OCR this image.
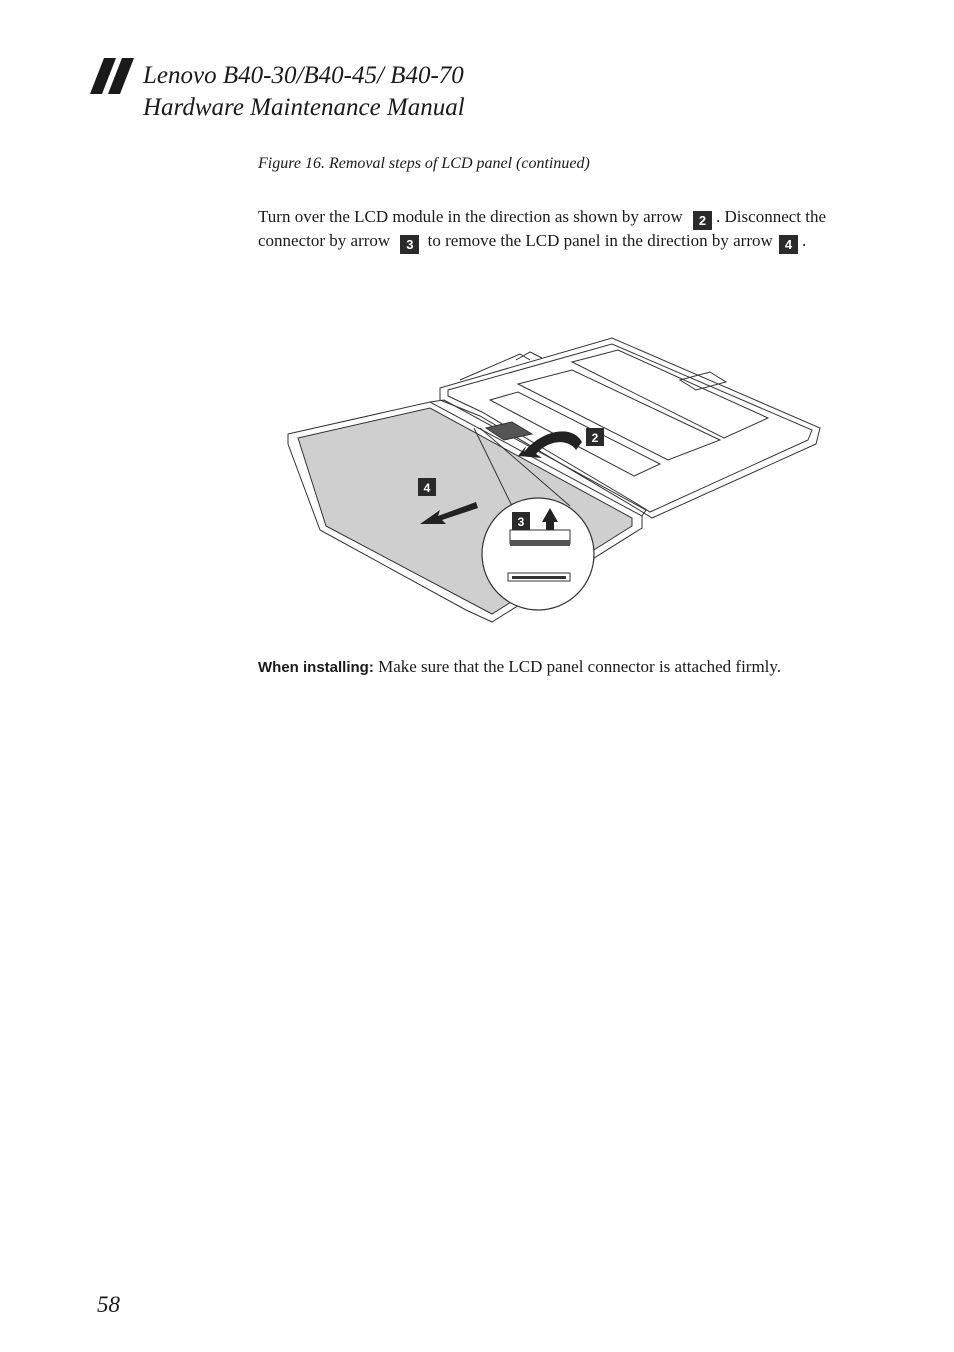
Lenovo B40-30/B40-45/ B40-70
Hardware Maintenance Manual
Figure 16. Removal steps of LCD panel (continued)
Turn over the LCD module in the direction as shown by arrow 2 . Disconnect the connector by arrow 3 to remove the LCD panel in the direction by arrow 4 .
2
4
3
When installing: Make sure that the LCD panel connector is attached firmly.
58
